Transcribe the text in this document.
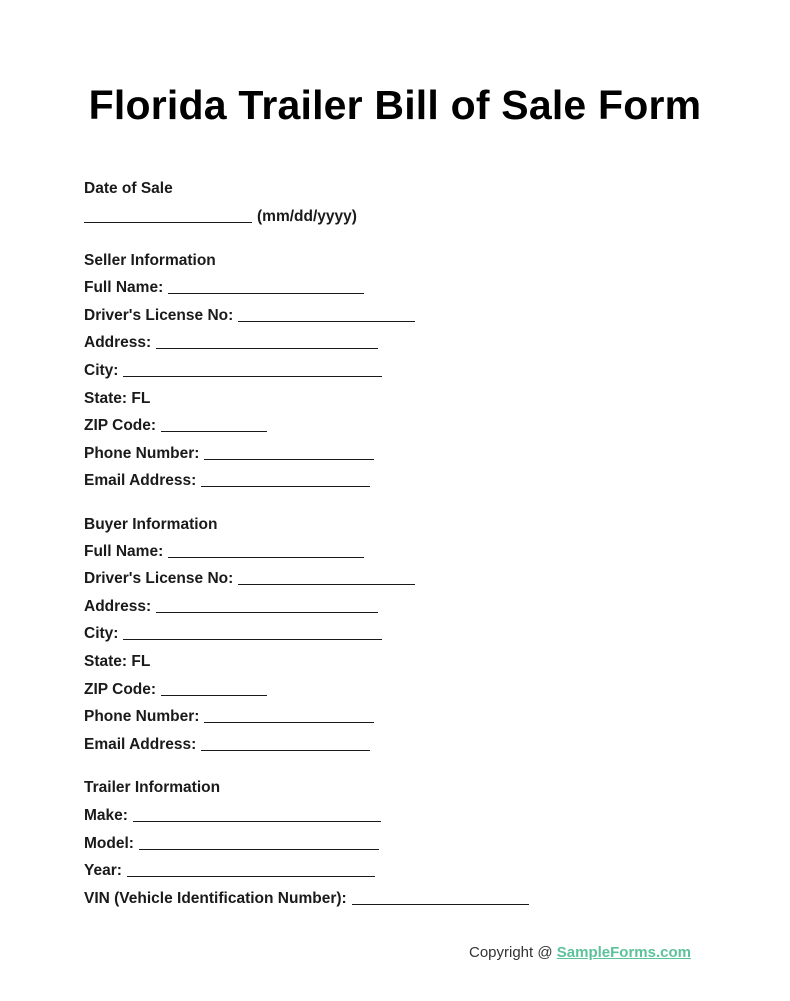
Florida Trailer Bill of Sale Form
Date of Sale
(mm/dd/yyyy)
Seller Information
Full Name:
Driver's License No:
Address:
City:
State: FL
ZIP Code:
Phone Number:
Email Address:
Buyer Information
Full Name:
Driver's License No:
Address:
City:
State: FL
ZIP Code:
Phone Number:
Email Address:
Trailer Information
Make:
Model:
Year:
VIN (Vehicle Identification Number):
Copyright @ SampleForms.com
